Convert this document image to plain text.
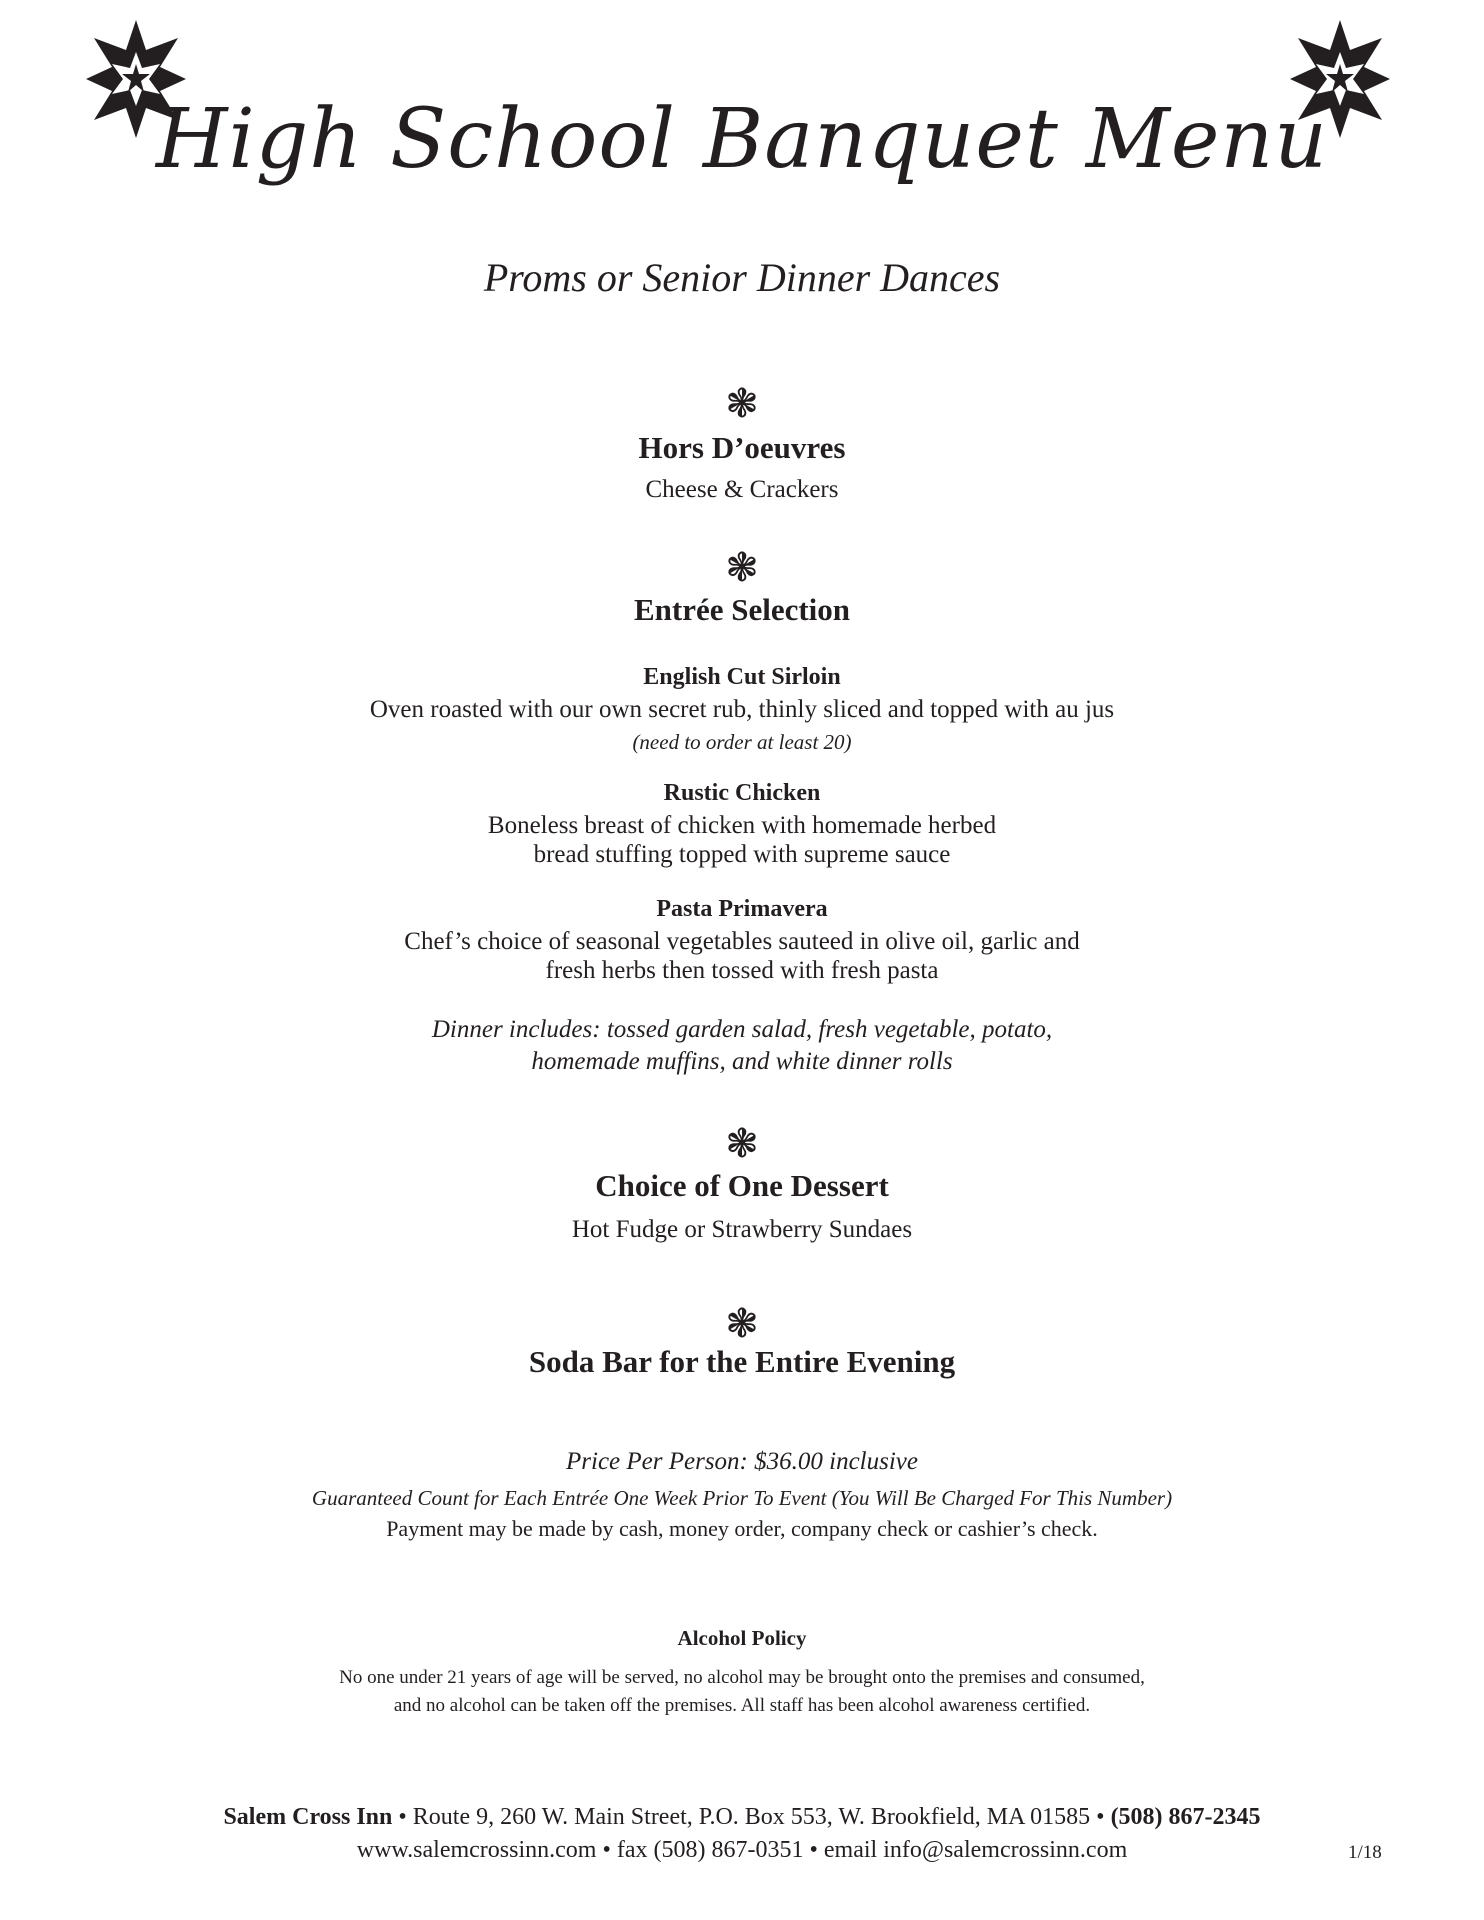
High School Banquet Menu
Proms or Senior Dinner Dances
❃
Hors D’oeuvres
Cheese & Crackers
❃
Entrée Selection
English Cut Sirloin
Oven roasted with our own secret rub, thinly sliced and topped with au jus
(need to order at least 20)
Rustic Chicken
Boneless breast of chicken with homemade herbed
bread stuffing topped with supreme sauce
Pasta Primavera
Chef’s choice of seasonal vegetables sauteed in olive oil, garlic and
fresh herbs then tossed with fresh pasta
Dinner includes: tossed garden salad, fresh vegetable, potato,
homemade muffins, and white dinner rolls
❃
Choice of One Dessert
Hot Fudge or Strawberry Sundaes
❃
Soda Bar for the Entire Evening
Price Per Person: $36.00 inclusive
Guaranteed Count for Each Entrée One Week Prior To Event (You Will Be Charged For This Number)
Payment may be made by cash, money order, company check or cashier’s check.
Alcohol Policy
No one under 21 years of age will be served, no alcohol may be brought onto the premises and consumed,
and no alcohol can be taken off the premises. All staff has been alcohol awareness certified.
Salem Cross Inn • Route 9, 260 W. Main Street, P.O. Box 553, W. Brookfield, MA 01585 • (508) 867-2345
www.salemcrossinn.com • fax (508) 867-0351 • email info@salemcrossinn.com	1/18
